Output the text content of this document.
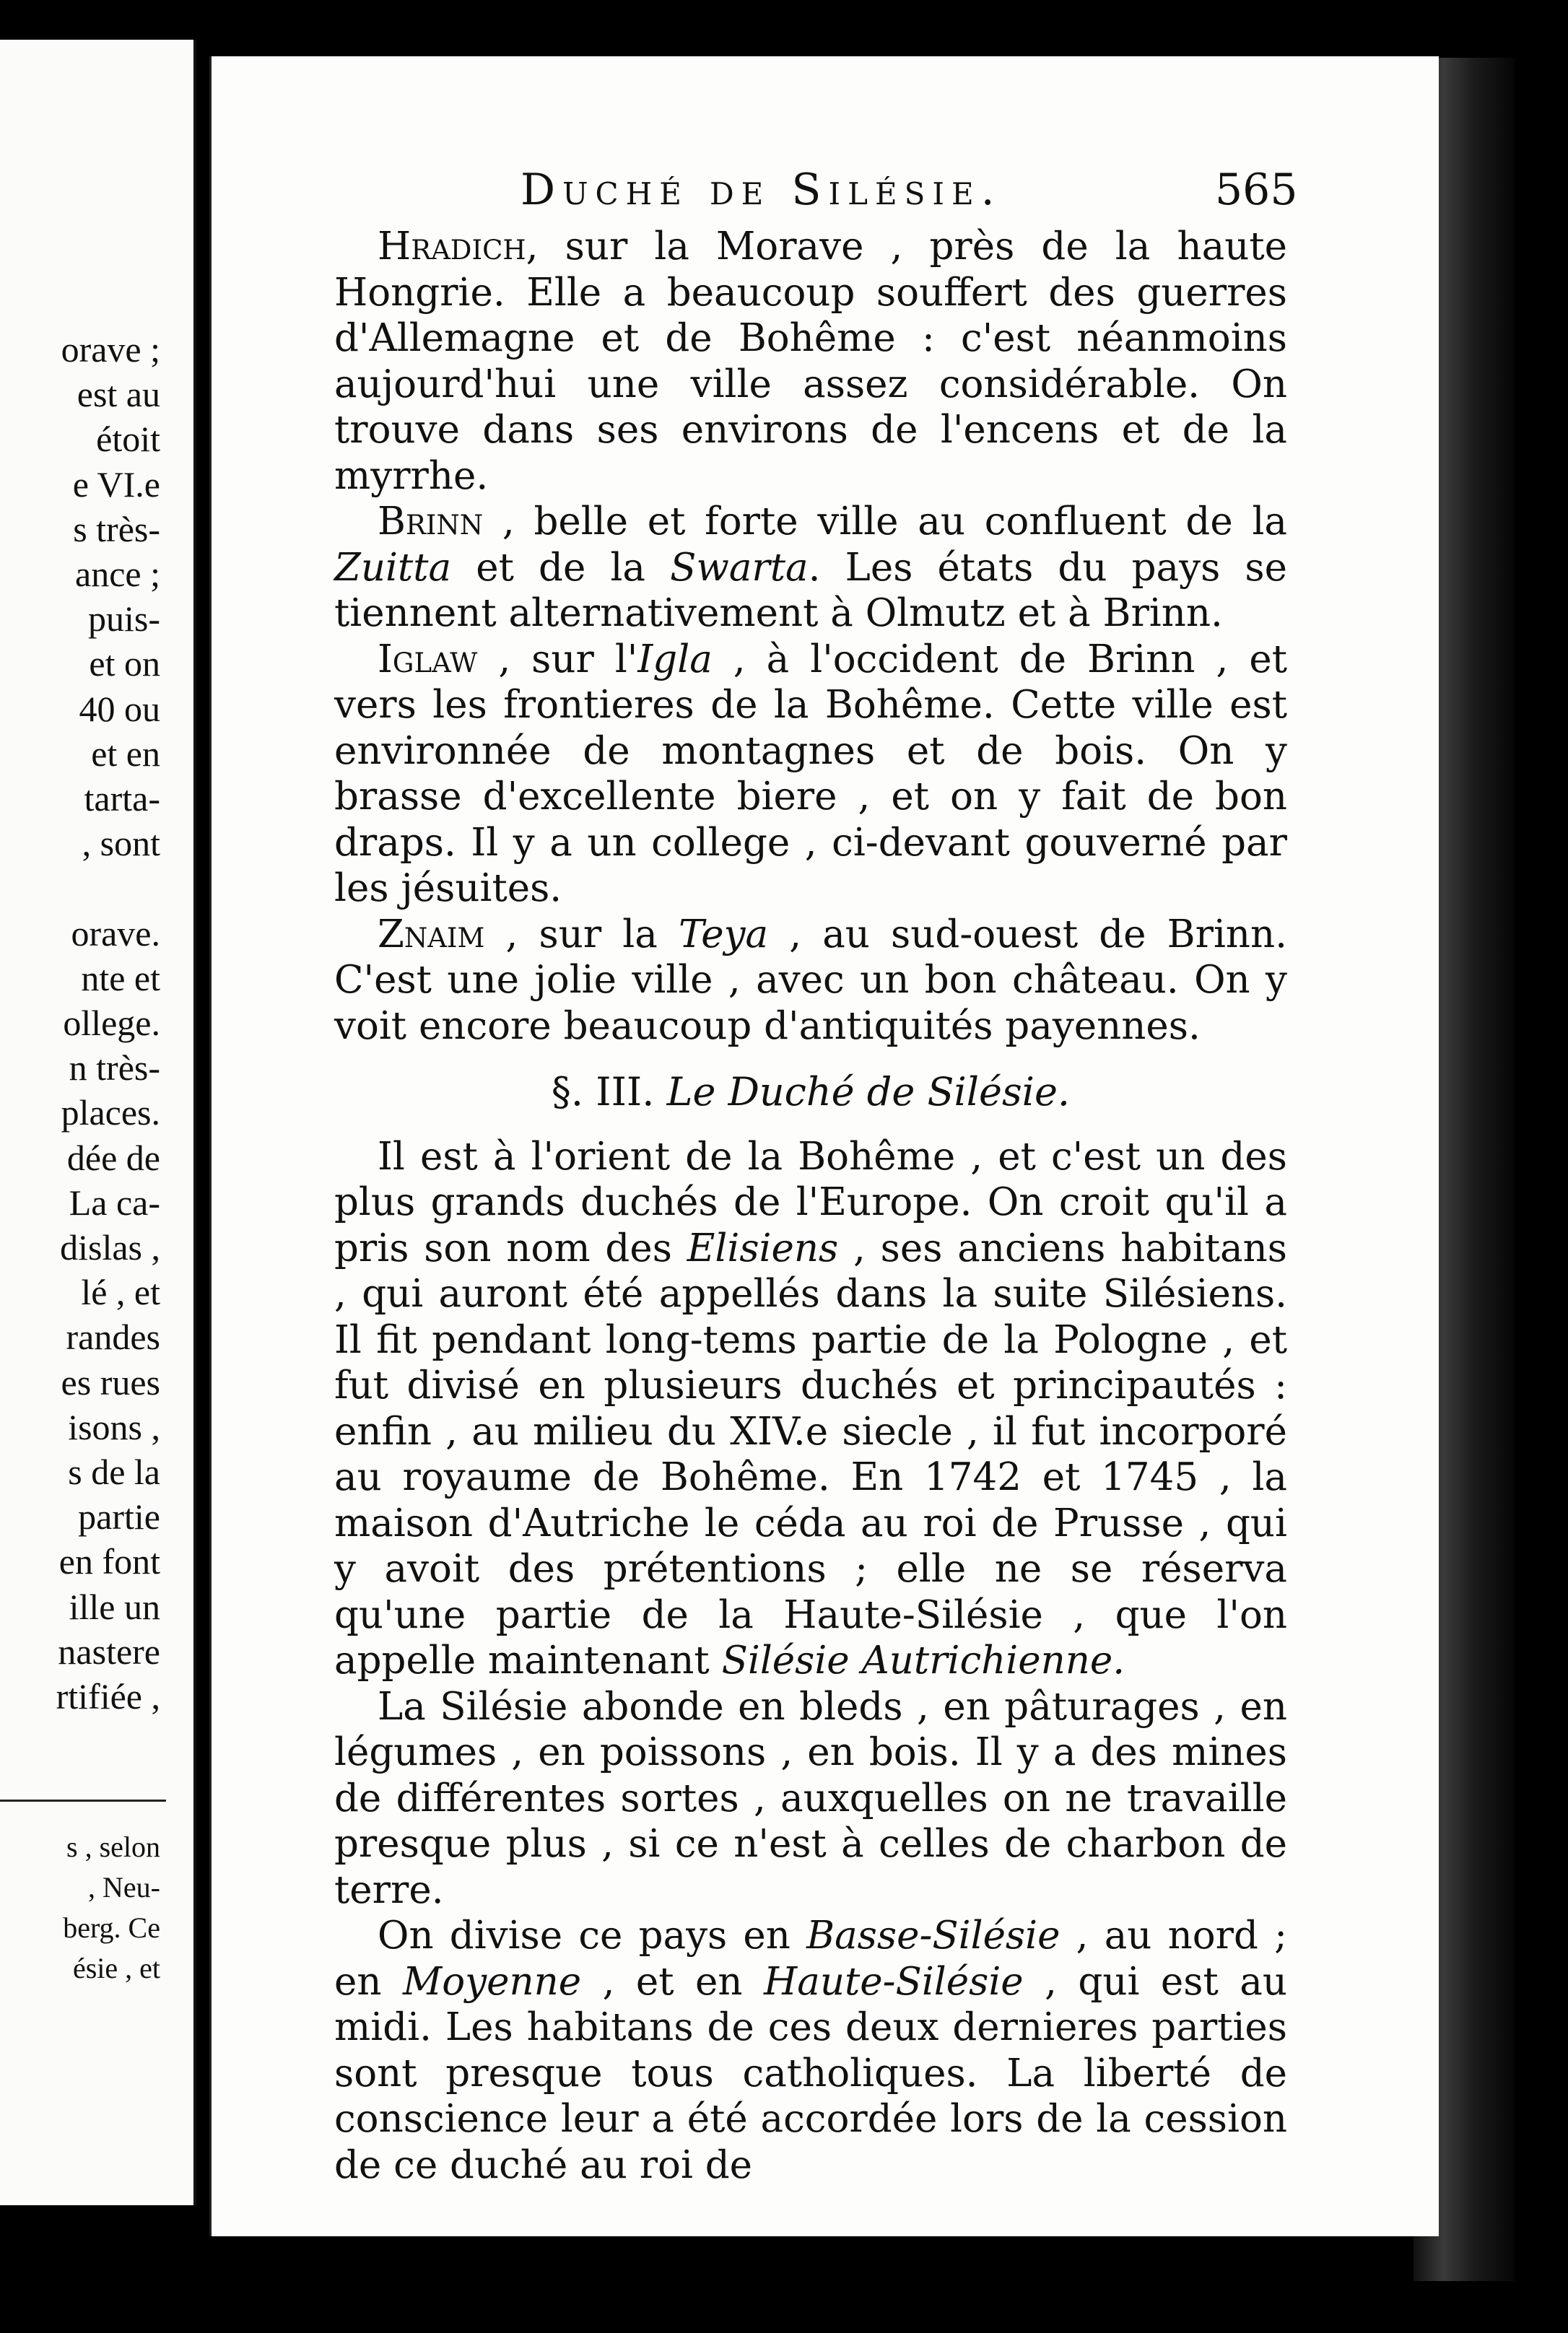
orave ;
est au
étoit
e VI.e
s très-
ance ;
puis-
et on
40 ou
et en
tarta-
, sont
orave.
nte et
ollege.
n très-
places.
dée de
La ca-
dislas ,
lé , et
randes
es rues
isons ,
s de la
partie
en font
ille un
nastere
rtifiée ,
s , selon
, Neu-
berg. Ce
ésie , et
Duché de Silésie.	565

Hradich, sur la Morave , près de la haute Hongrie. Elle a beaucoup souffert des guerres d'Allemagne et de Bohême : c'est néanmoins aujourd'hui une ville assez considérable. On trouve dans ses environs de l'encens et de la myrrhe.

Brinn , belle et forte ville au confluent de la Zuitta et de la Swarta. Les états du pays se tiennent alternativement à Olmutz et à Brinn.

Iglaw , sur l'Igla , à l'occident de Brinn , et vers les frontieres de la Bohême. Cette ville est environnée de montagnes et de bois. On y brasse d'excellente biere , et on y fait de bon draps. Il y a un college , ci-devant gouverné par les jésuites.

Znaim , sur la Teya , au sud-ouest de Brinn. C'est une jolie ville , avec un bon château. On y voit encore beaucoup d'antiquités payennes.

§. III. Le Duché de Silésie.

Il est à l'orient de la Bohême , et c'est un des plus grands duchés de l'Europe. On croit qu'il a pris son nom des Elisiens , ses anciens habitans , qui auront été appellés dans la suite Silésiens. Il fit pendant long-tems partie de la Pologne , et fut divisé en plusieurs duchés et principautés : enfin , au milieu du XIV.e siecle , il fut incorporé au royaume de Bohême. En 1742 et 1745 , la maison d'Autriche le céda au roi de Prusse , qui y avoit des prétentions ; elle ne se réserva qu'une partie de la Haute-Silésie , que l'on appelle maintenant Silésie Autrichienne.

La Silésie abonde en bleds , en pâturages , en légumes , en poissons , en bois. Il y a des mines de différentes sortes , auxquelles on ne travaille presque plus , si ce n'est à celles de charbon de terre.

On divise ce pays en Basse-Silésie , au nord ; en Moyenne , et en Haute-Silésie , qui est au midi. Les habitans de ces deux dernieres parties sont presque tous catholiques. La liberté de conscience leur a été accordée lors de la cession de ce duché au roi de
